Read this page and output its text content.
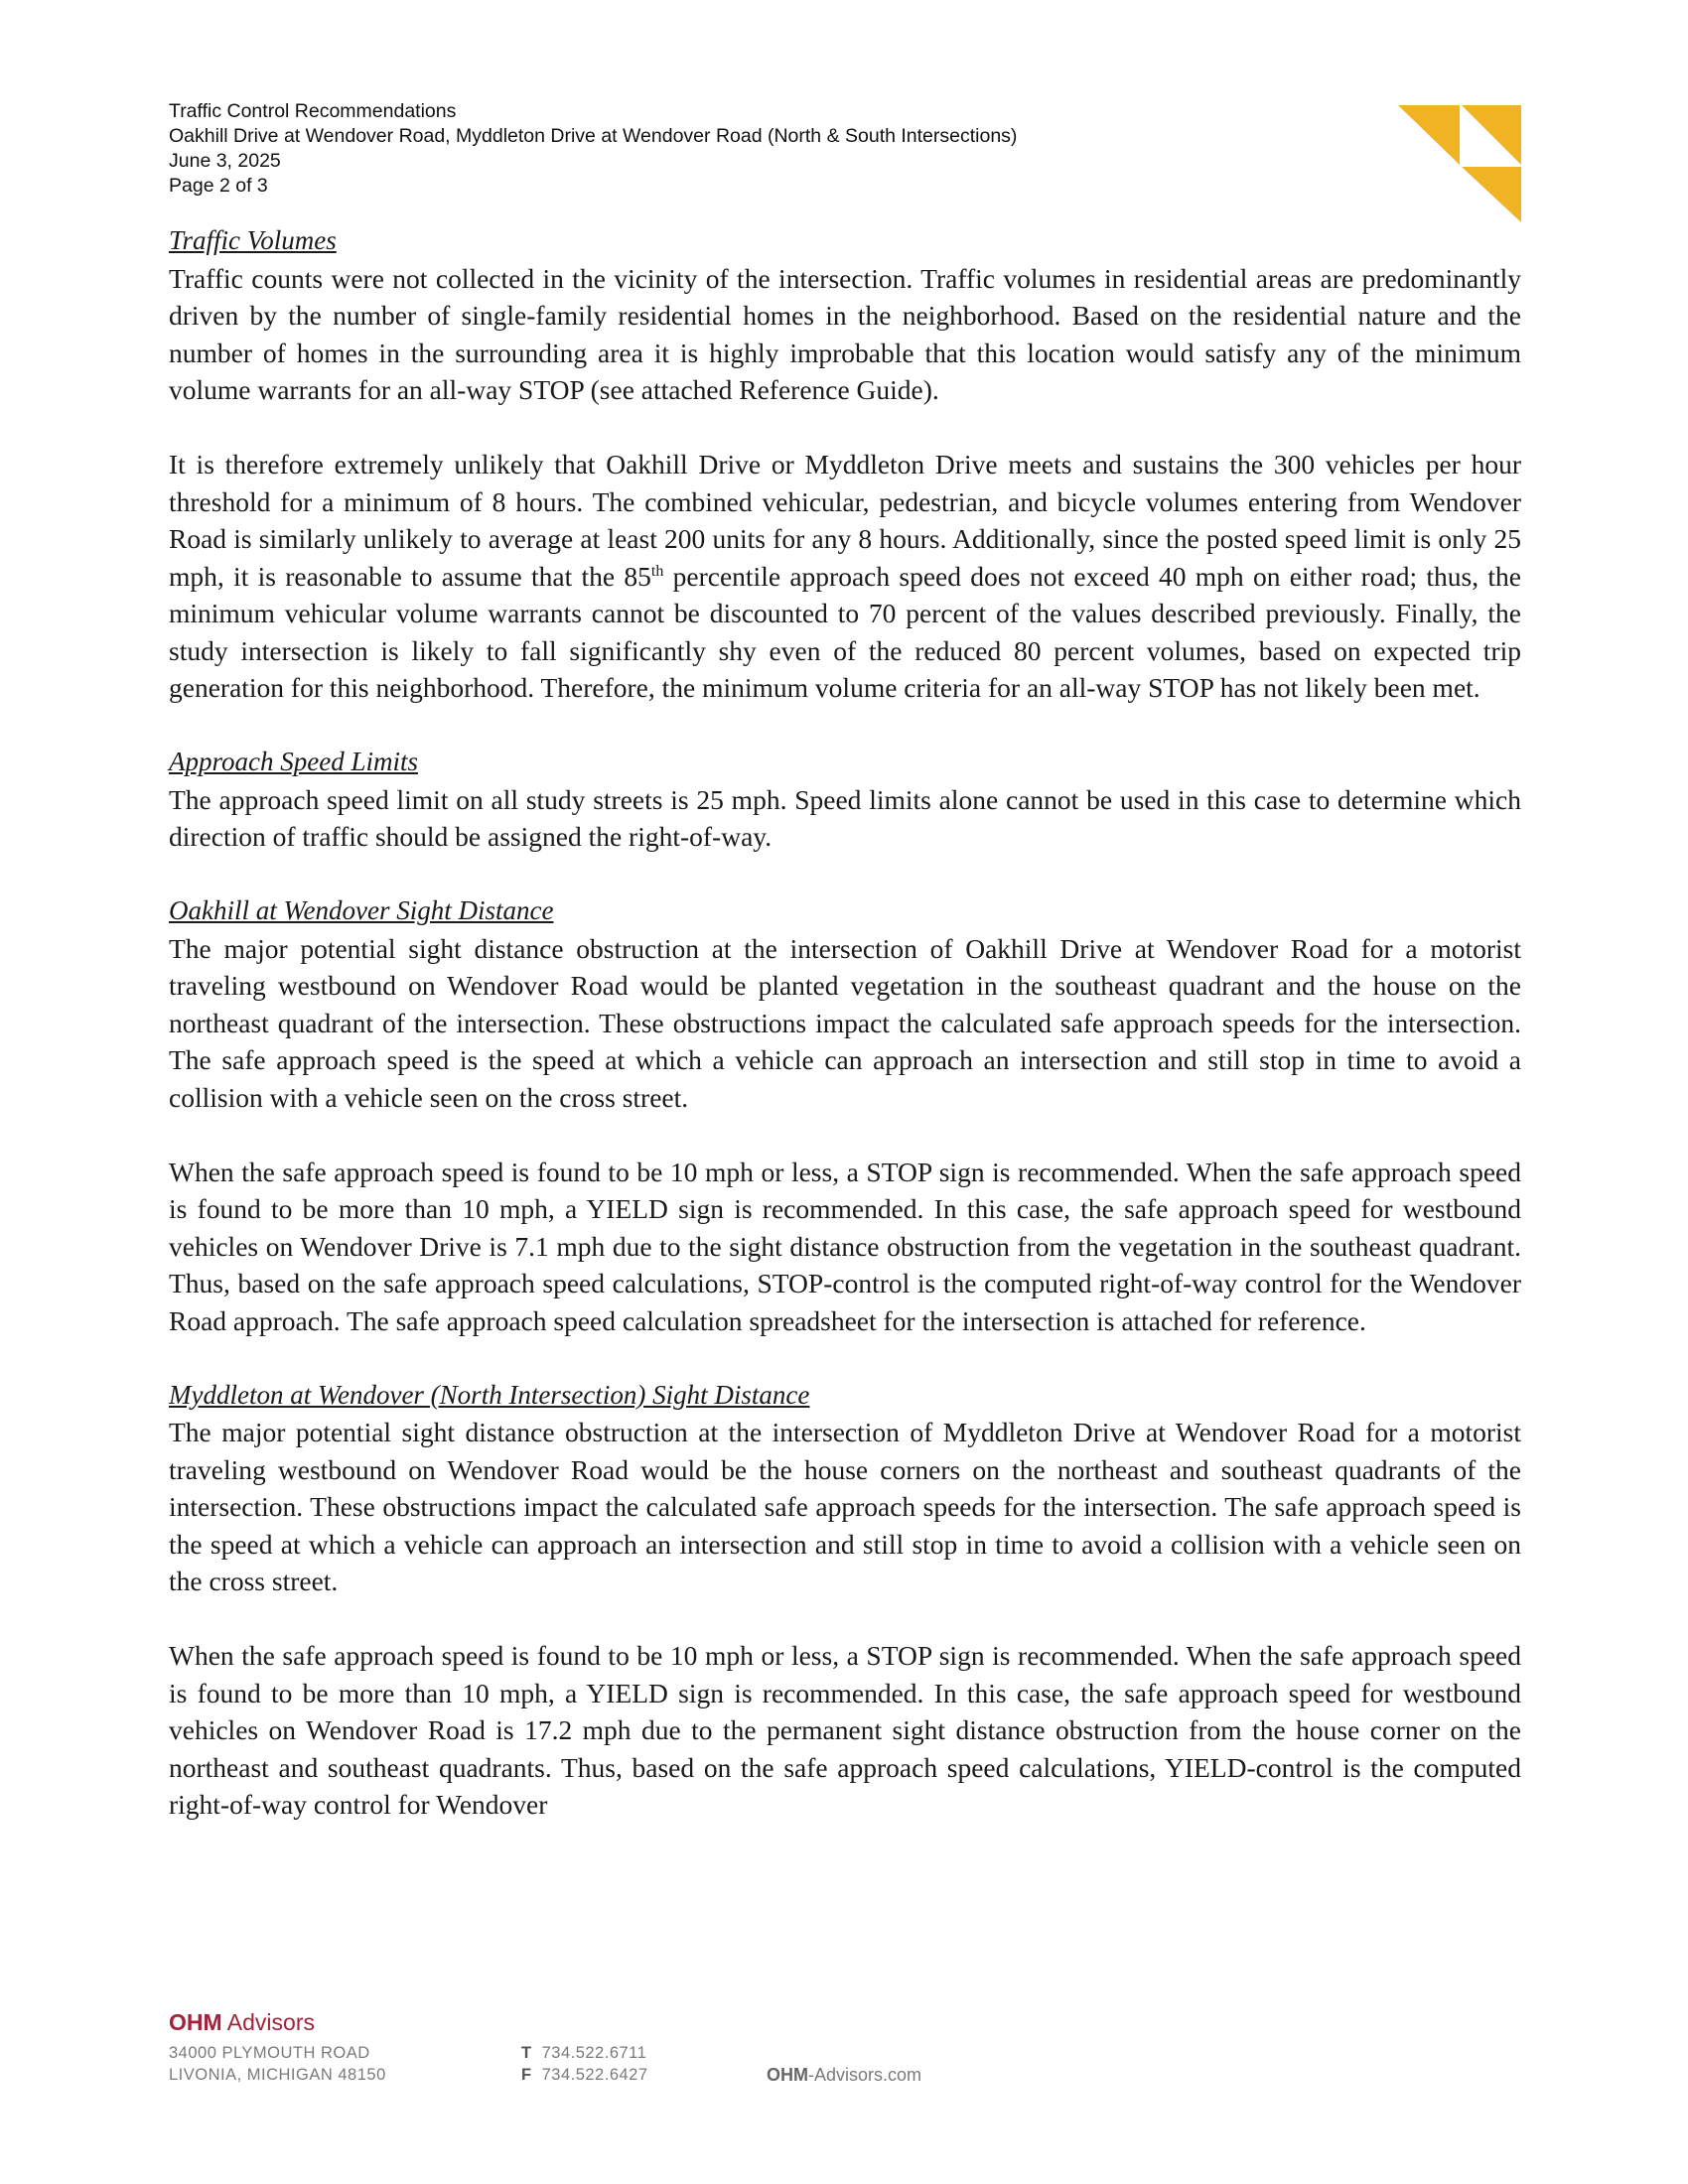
Traffic Control Recommendations
Oakhill Drive at Wendover Road, Myddleton Drive at Wendover Road (North & South Intersections)
June 3, 2025
Page 2 of 3
Traffic Volumes

Traffic counts were not collected in the vicinity of the intersection. Traffic volumes in residential areas are predominantly driven by the number of single-family residential homes in the neighborhood. Based on the residential nature and the number of homes in the surrounding area it is highly improbable that this location would satisfy any of the minimum volume warrants for an all-way STOP (see attached Reference Guide).

It is therefore extremely unlikely that Oakhill Drive or Myddleton Drive meets and sustains the 300 vehicles per hour threshold for a minimum of 8 hours. The combined vehicular, pedestrian, and bicycle volumes entering from Wendover Road is similarly unlikely to average at least 200 units for any 8 hours. Additionally, since the posted speed limit is only 25 mph, it is reasonable to assume that the 85th percentile approach speed does not exceed 40 mph on either road; thus, the minimum vehicular volume warrants cannot be discounted to 70 percent of the values described previously. Finally, the study intersection is likely to fall significantly shy even of the reduced 80 percent volumes, based on expected trip generation for this neighborhood. Therefore, the minimum volume criteria for an all-way STOP has not likely been met.

Approach Speed Limits

The approach speed limit on all study streets is 25 mph. Speed limits alone cannot be used in this case to determine which direction of traffic should be assigned the right-of-way.

Oakhill at Wendover Sight Distance

The major potential sight distance obstruction at the intersection of Oakhill Drive at Wendover Road for a motorist traveling westbound on Wendover Road would be planted vegetation in the southeast quadrant and the house on the northeast quadrant of the intersection. These obstructions impact the calculated safe approach speeds for the intersection. The safe approach speed is the speed at which a vehicle can approach an intersection and still stop in time to avoid a collision with a vehicle seen on the cross street.

When the safe approach speed is found to be 10 mph or less, a STOP sign is recommended. When the safe approach speed is found to be more than 10 mph, a YIELD sign is recommended. In this case, the safe approach speed for westbound vehicles on Wendover Drive is 7.1 mph due to the sight distance obstruction from the vegetation in the southeast quadrant. Thus, based on the safe approach speed calculations, STOP-control is the computed right-of-way control for the Wendover Road approach. The safe approach speed calculation spreadsheet for the intersection is attached for reference.

Myddleton at Wendover (North Intersection) Sight Distance

The major potential sight distance obstruction at the intersection of Myddleton Drive at Wendover Road for a motorist traveling westbound on Wendover Road would be the house corners on the northeast and southeast quadrants of the intersection. These obstructions impact the calculated safe approach speeds for the intersection. The safe approach speed is the speed at which a vehicle can approach an intersection and still stop in time to avoid a collision with a vehicle seen on the cross street.

When the safe approach speed is found to be 10 mph or less, a STOP sign is recommended. When the safe approach speed is found to be more than 10 mph, a YIELD sign is recommended. In this case, the safe approach speed for westbound vehicles on Wendover Road is 17.2 mph due to the permanent sight distance obstruction from the house corner on the northeast and southeast quadrants. Thus, based on the safe approach speed calculations, YIELD-control is the computed right-of-way control for Wendover

OHM Advisors
34000 PLYMOUTH ROAD
LIVONIA, MICHIGAN 48150
T 734.522.6711
F 734.522.6427	OHM-Advisors.com
